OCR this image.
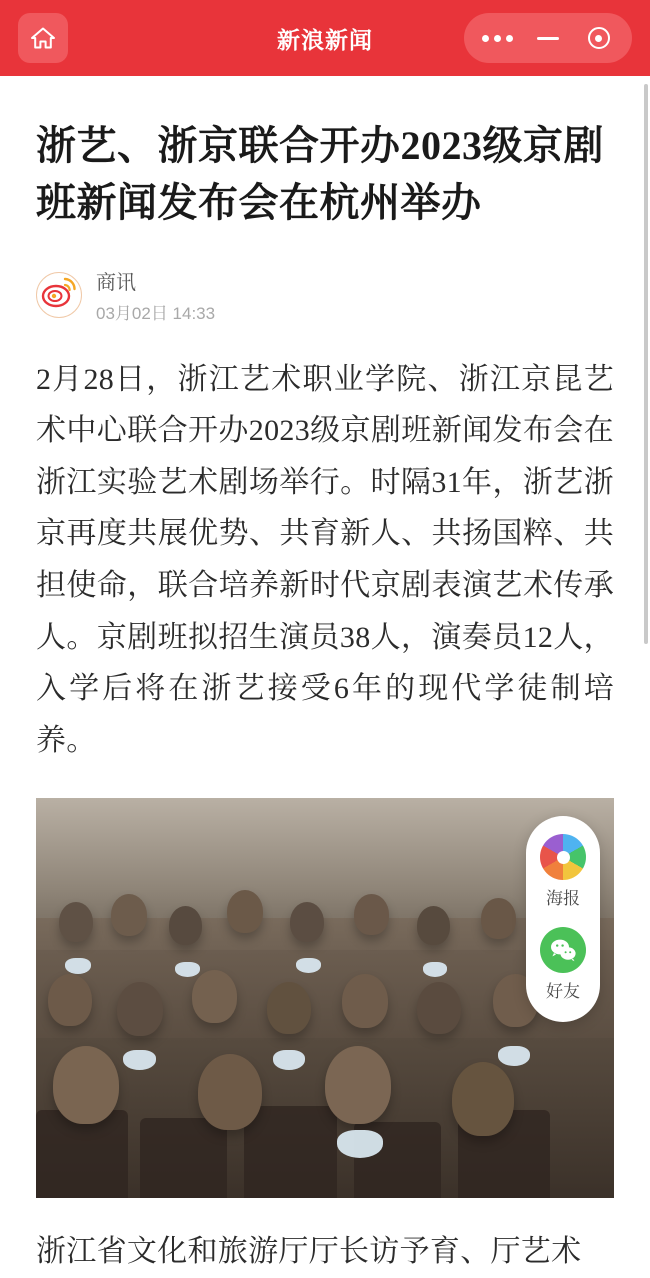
新浪新闻
浙艺、浙京联合开办2023级京剧班新闻发布会在杭州举办
商讯
03月02日 14:33

2月28日，浙江艺术职业学院、浙江京昆艺术中心联合开办2023级京剧班新闻发布会在浙江实验艺术剧场举行。时隔31年，浙艺浙京再度共展优势、共育新人、共扬国粹、共担使命，联合培养新时代京剧表演艺术传承人。京剧班拟招生演员38人，演奏员12人，入学后将在浙艺接受6年的现代学徒制培养。

海报
好友

浙江省文化和旅游厅厅长访予育、厅艺术
